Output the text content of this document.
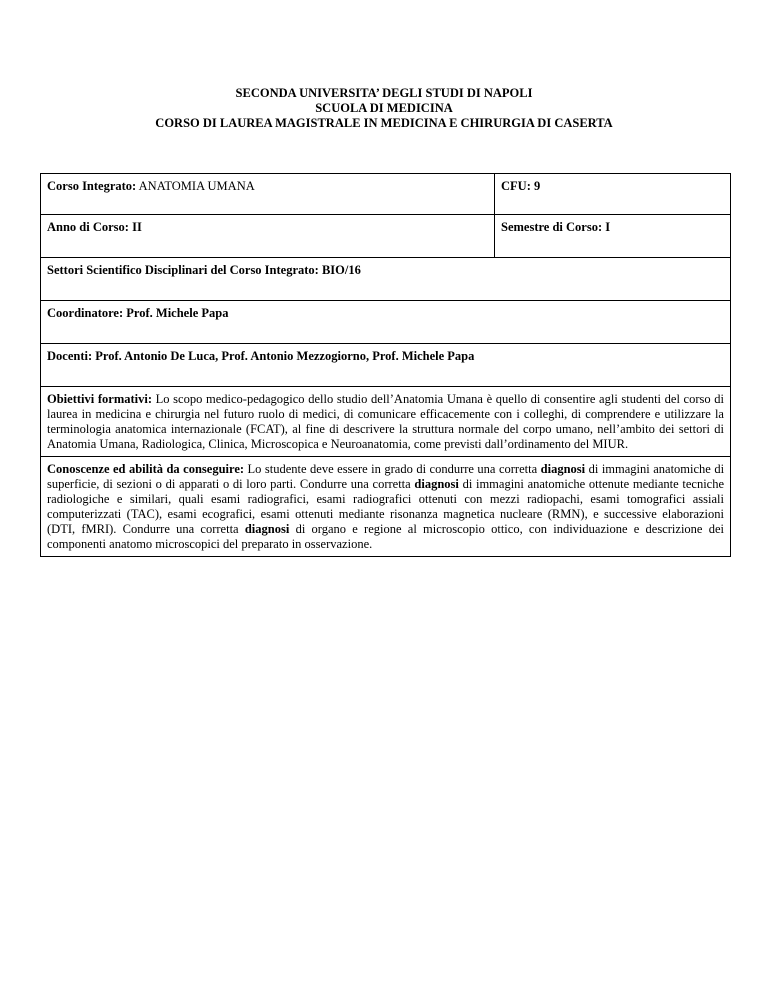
SECONDA UNIVERSITA’ DEGLI STUDI DI NAPOLI
SCUOLA DI MEDICINA
CORSO DI LAUREA MAGISTRALE IN MEDICINA E CHIRURGIA DI CASERTA
Corso Integrato: ANATOMIA UMANA	CFU: 9
Anno di Corso: II	Semestre di Corso: I
Settori Scientifico Disciplinari del Corso Integrato: BIO/16	
Coordinatore: Prof. Michele Papa	
Docenti: Prof. Antonio De Luca, Prof. Antonio Mezzogiorno, Prof. Michele Papa	
Obiettivi formativi: Lo scopo medico-pedagogico dello studio dell’Anatomia Umana è quello di consentire agli studenti del corso di laurea in medicina e chirurgia nel futuro ruolo di medici, di comunicare efficacemente con i colleghi, di comprendere e utilizzare la terminologia anatomica internazionale (FCAT), al fine di descrivere la struttura normale del corpo umano, nell’ambito dei settori di Anatomia Umana, Radiologica, Clinica, Microscopica e Neuroanatomia, come previsti dall’ordinamento del MIUR.	
Conoscenze ed abilità da conseguire: Lo studente deve essere in grado di condurre una corretta diagnosi di immagini anatomiche di superficie, di sezioni o di apparati o di loro parti. Condurre una corretta diagnosi di immagini anatomiche ottenute mediante tecniche radiologiche e similari, quali esami radiografici, esami radiografici ottenuti con mezzi radiopachi, esami tomografici assiali computerizzati (TAC), esami ecografici, esami ottenuti mediante risonanza magnetica nucleare (RMN), e successive elaborazioni (DTI, fMRI). Condurre una corretta diagnosi di organo e regione al microscopio ottico, con individuazione e descrizione dei componenti anatomo microscopici del preparato in osservazione.	
